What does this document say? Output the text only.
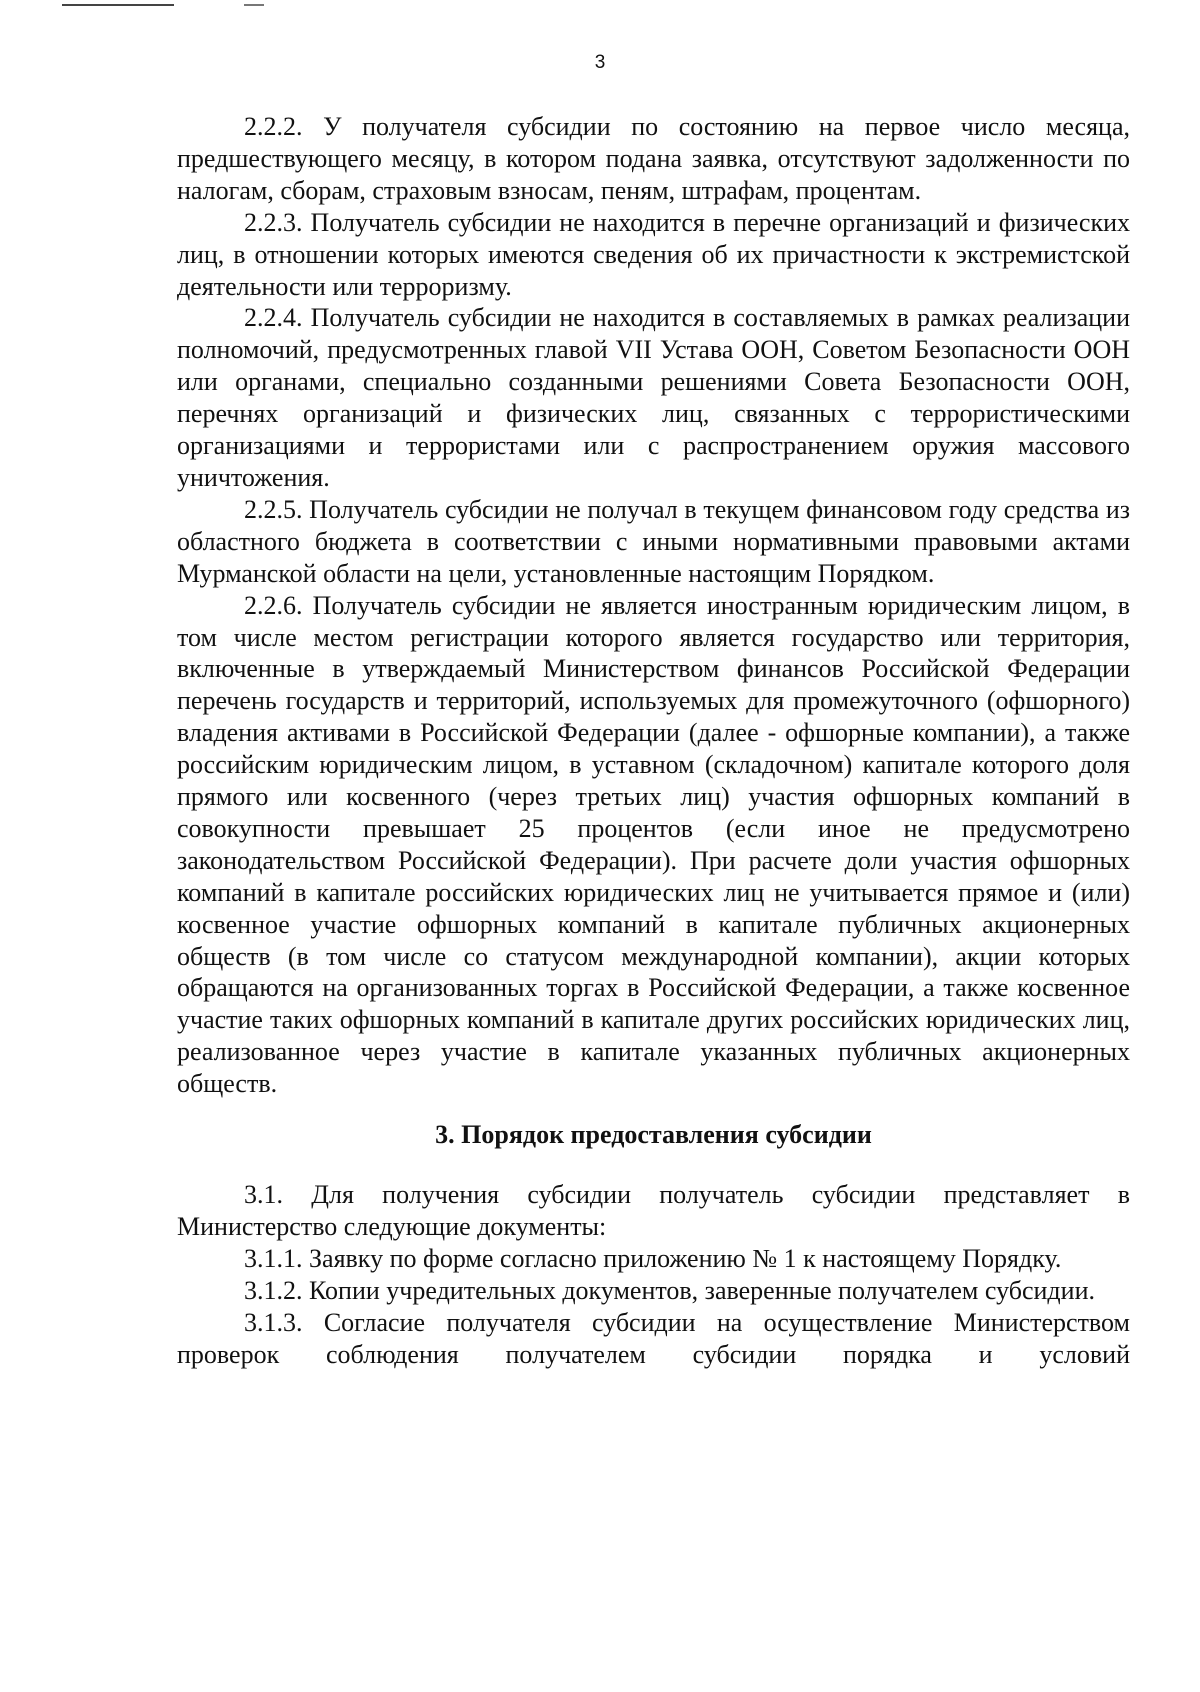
3

2.2.2. У получателя субсидии по состоянию на первое число месяца, предшествующего месяцу, в котором подана заявка, отсутствуют задолженности по налогам, сборам, страховым взносам, пеням, штрафам, процентам.

2.2.3. Получатель субсидии не находится в перечне организаций и физических лиц, в отношении которых имеются сведения об их причастности к экстремистской деятельности или терроризму.

2.2.4. Получатель субсидии не находится в составляемых в рамках реализации полномочий, предусмотренных главой VII Устава ООН, Советом Безопасности ООН или органами, специально созданными решениями Совета Безопасности ООН, перечнях организаций и физических лиц, связанных с террористическими организациями и террористами или с распространением оружия массового уничтожения.

2.2.5. Получатель субсидии не получал в текущем финансовом году средства из областного бюджета в соответствии с иными нормативными правовыми актами Мурманской области на цели, установленные настоящим Порядком.

2.2.6. Получатель субсидии не является иностранным юридическим лицом, в том числе местом регистрации которого является государство или территория, включенные в утверждаемый Министерством финансов Российской Федерации перечень государств и территорий, используемых для промежуточного (офшорного) владения активами в Российской Федерации (далее - офшорные компании), а также российским юридическим лицом, в уставном (складочном) капитале которого доля прямого или косвенного (через третьих лиц) участия офшорных компаний в совокупности превышает 25 процентов (если иное не предусмотрено законодательством Российской Федерации). При расчете доли участия офшорных компаний в капитале российских юридических лиц не учитывается прямое и (или) косвенное участие офшорных компаний в капитале публичных акционерных обществ (в том числе со статусом международной компании), акции которых обращаются на организованных торгах в Российской Федерации, а также косвенное участие таких офшорных компаний в капитале других российских юридических лиц, реализованное через участие в капитале указанных публичных акционерных обществ.

3. Порядок предоставления субсидии

3.1. Для получения субсидии получатель субсидии представляет в Министерство следующие документы:

3.1.1. Заявку по форме согласно приложению № 1 к настоящему Порядку.

3.1.2. Копии учредительных документов, заверенные получателем субсидии.

3.1.3. Согласие получателя субсидии на осуществление Министерством проверок соблюдения получателем субсидии порядка и условий
